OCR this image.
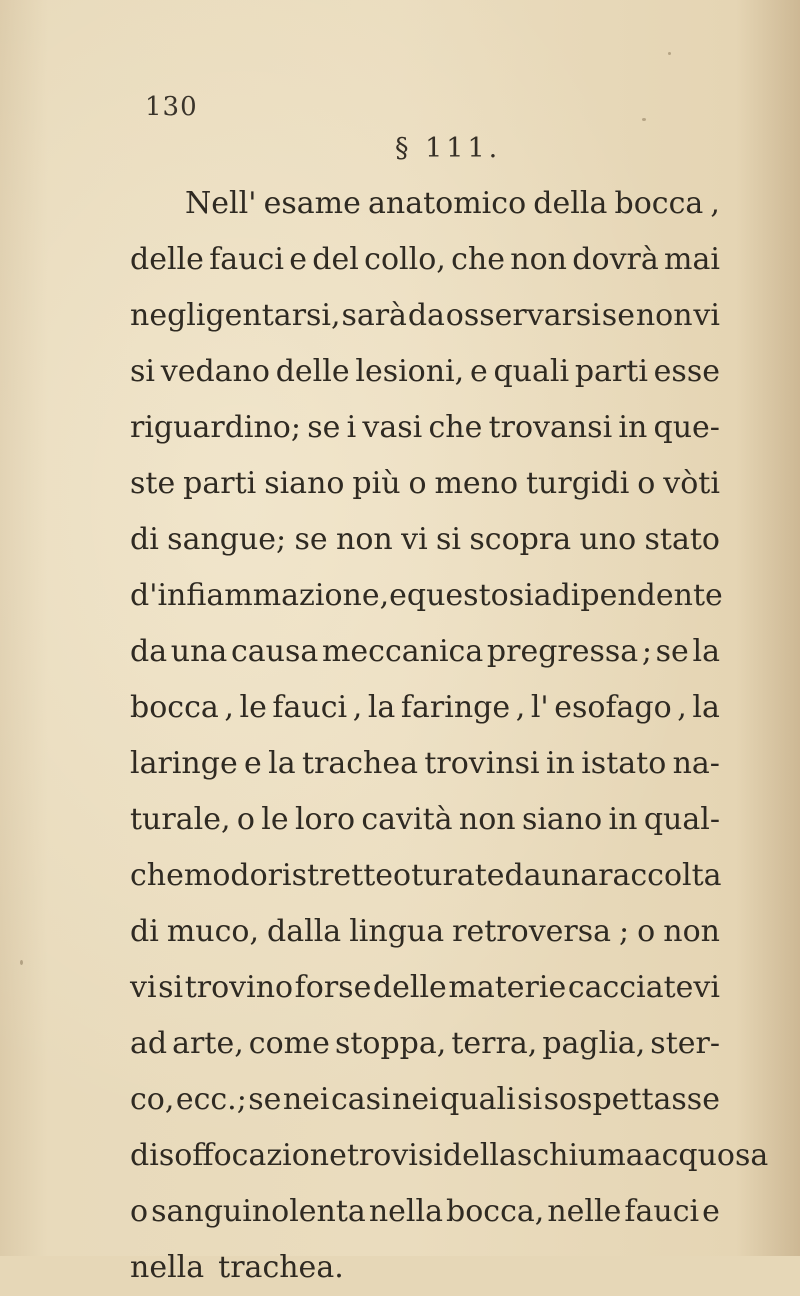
130
§ 111.
Nell' esame anatomico della bocca ,
delle fauci e del collo, che non dovrà mai
negligentarsi, sarà da osservarsi se non vi
si vedano delle lesioni, e quali parti esse
riguardino; se i vasi che trovansi in que-
ste parti siano più o meno turgidi o vòti
di sangue; se non vi si scopra uno stato
d' infiammazione , e questo sia dipendente
da una causa meccanica pregressa ; se la
bocca , le fauci , la faringe , l' esofago , la
laringe e la trachea trovinsi in istato na-
turale, o le loro cavità non siano in qual-
che modo ristrette o turate da una raccolta
di muco, dalla lingua retroversa ; o non
vi si trovino forse delle materie cacciatevi
ad arte, come stoppa, terra, paglia, ster-
co, ecc.; se nei casi nei quali si sospettasse
di soffocazione trovisi della schiuma acquosa
o sanguinolenta nella bocca, nelle fauci e
nella trachea.
